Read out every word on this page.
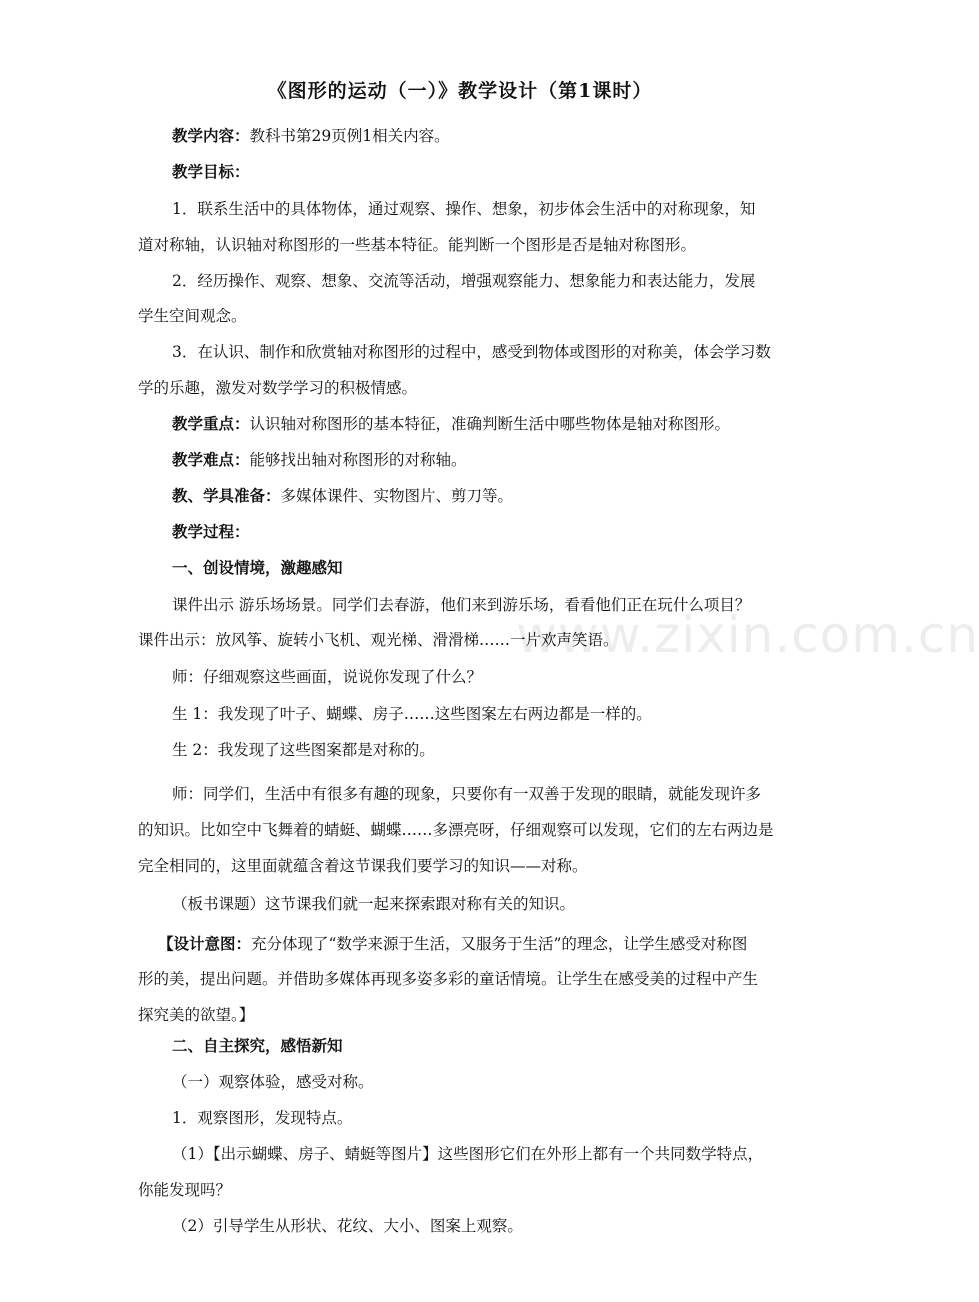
《图形的运动（一）》教学设计（第1课时）
教学内容：教科书第29页例1相关内容。
教学目标：
1．联系生活中的具体物体，通过观察、操作、想象，初步体会生活中的对称现象，知
道对称轴，认识轴对称图形的一些基本特征。能判断一个图形是否是轴对称图形。
2．经历操作、观察、想象、交流等活动，增强观察能力、想象能力和表达能力，发展
学生空间观念。
3．在认识、制作和欣赏轴对称图形的过程中，感受到物体或图形的对称美，体会学习数
学的乐趣，激发对数学学习的积极情感。
教学重点：认识轴对称图形的基本特征，准确判断生活中哪些物体是轴对称图形。
教学难点：能够找出轴对称图形的对称轴。
教、学具准备：多媒体课件、实物图片、剪刀等。
教学过程：
一、创设情境，激趣感知
课件出示 游乐场场景。同学们去春游，他们来到游乐场，看看他们正在玩什么项目？
课件出示：放风筝、旋转小飞机、观光梯、滑滑梯……一片欢声笑语。
师：仔细观察这些画面，说说你发现了什么？
生 1：我发现了叶子、蝴蝶、房子……这些图案左右两边都是一样的。
生 2：我发现了这些图案都是对称的。
师：同学们，生活中有很多有趣的现象，只要你有一双善于发现的眼睛，就能发现许多
的知识。比如空中飞舞着的蜻蜓、蝴蝶……多漂亮呀，仔细观察可以发现，它们的左右两边是
完全相同的，这里面就蕴含着这节课我们要学习的知识——对称。
（板书课题）这节课我们就一起来探索跟对称有关的知识。
【设计意图：充分体现了“数学来源于生活，又服务于生活”的理念，让学生感受对称图
形的美，提出问题。并借助多媒体再现多姿多彩的童话情境。让学生在感受美的过程中产生
探究美的欲望。】
二、自主探究，感悟新知
（一）观察体验，感受对称。
1．观察图形，发现特点。
（1）【出示蝴蝶、房子、蜻蜓等图片】这些图形它们在外形上都有一个共同数学特点，
你能发现吗？
（2）引导学生从形状、花纹、大小、图案上观察。
www.zixin.com.cn
